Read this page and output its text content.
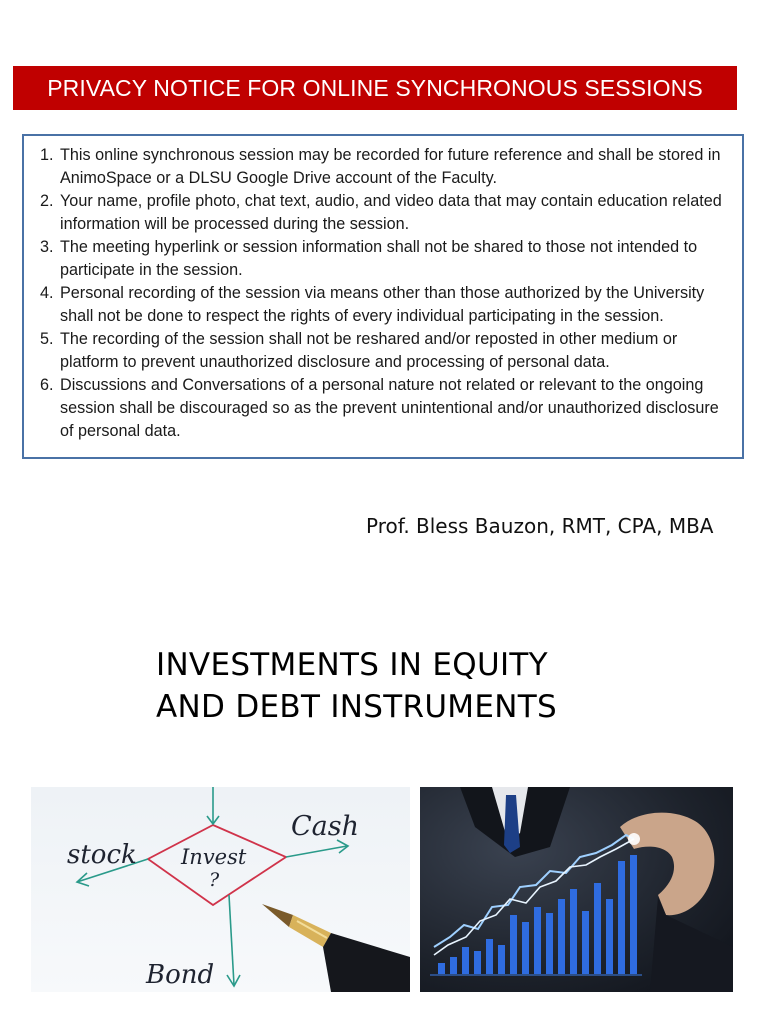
PRIVACY NOTICE FOR ONLINE SYNCHRONOUS SESSIONS
1. This online synchronous session may be recorded for future reference and shall be stored in AnimoSpace or a DLSU Google Drive account of the Faculty.
2. Your name, profile photo, chat text, audio, and video data that may contain education related information will be processed during the session.
3. The meeting hyperlink or session information shall not be shared to those not intended to participate in the session.
4. Personal recording of the session via means other than those authorized by the University shall not be done to respect the rights of every individual participating in the session.
5. The recording of the session shall not be reshared and/or reposted in other medium or platform to prevent unauthorized disclosure and processing of personal data.
6. Discussions and Conversations of a personal nature not related or relevant to the ongoing session shall be discouraged so as the prevent unintentional and/or unauthorized disclosure of personal data.
Prof. Bless Bauzon, RMT, CPA, MBA
INVESTMENTS IN EQUITY
AND DEBT INSTRUMENTS
stock Invest
?
Cash
Bond
